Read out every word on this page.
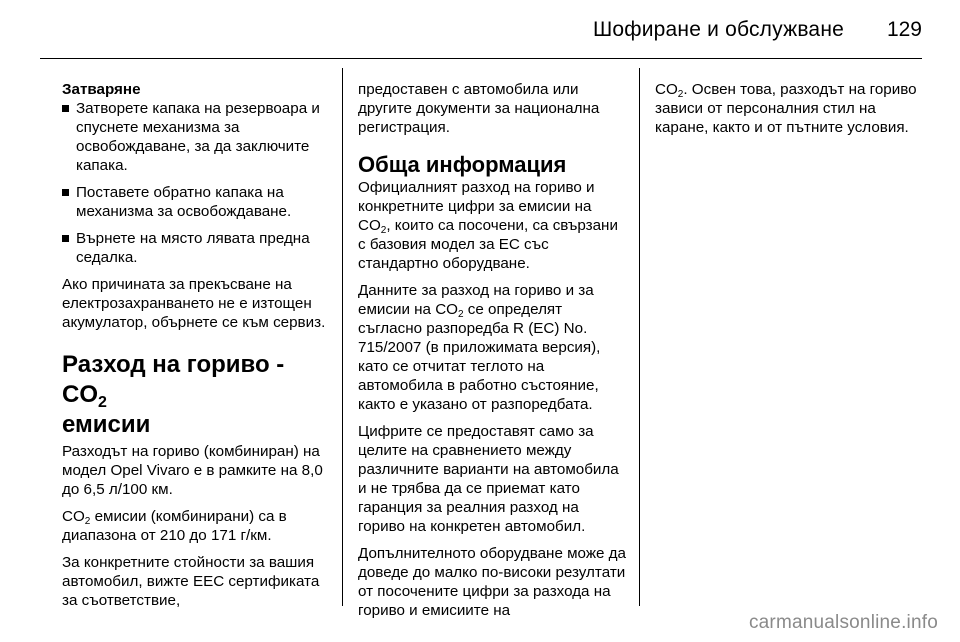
Шофиране и обслужване 129

Затваряне

Затворете капака на резервоара и спуснете механизма за освобождаване, за да заключите капака.
Поставете обратно капака на механизма за освобождаване.
Върнете на място лявата предна седалка.

Ако причината за прекъсване на електрозахранването не е изтощен акумулатор, обърнете се към сервиз.

Разход на гориво - $CO_2$
емисии

Разходът на гориво (комбиниран) на модел Opel Vivaro е в рамките на 8,0 до 6,5 л/100 км.

$CO_2$ емисии (комбинирани) са в диапазона от 210 до 171 г/км.

За конкретните стойности за вашия автомобил, вижте EEC сертификата за съответствие,

предоставен с автомобила или другите документи за национална регистрация.

Обща информация

Официалният разход на гориво и конкретните цифри за емисии на $CO_2$, които са посочени, са свързани с базовия модел за ЕС със стандартно оборудване.

Данните за разход на гориво и за емисии на $CO_2$ се определят съгласно разпоредба R (EC) No. 715/2007 (в приложимата версия), като се отчитат теглото на автомобила в работно състояние, както е указано от разпоредбата.

Цифрите се предоставят само за целите на сравнението между различните варианти на автомобила и не трябва да се приемат като гаранция за реалния разход на гориво на конкретен автомобил.

Допълнителното оборудване може да доведе до малко по-високи резултати от посочените цифри за разхода на гориво и емисиите на

$CO_2$. Освен това, разходът на гориво зависи от персоналния стил на каране, както и от пътните условия.

carmanualsonline.info
